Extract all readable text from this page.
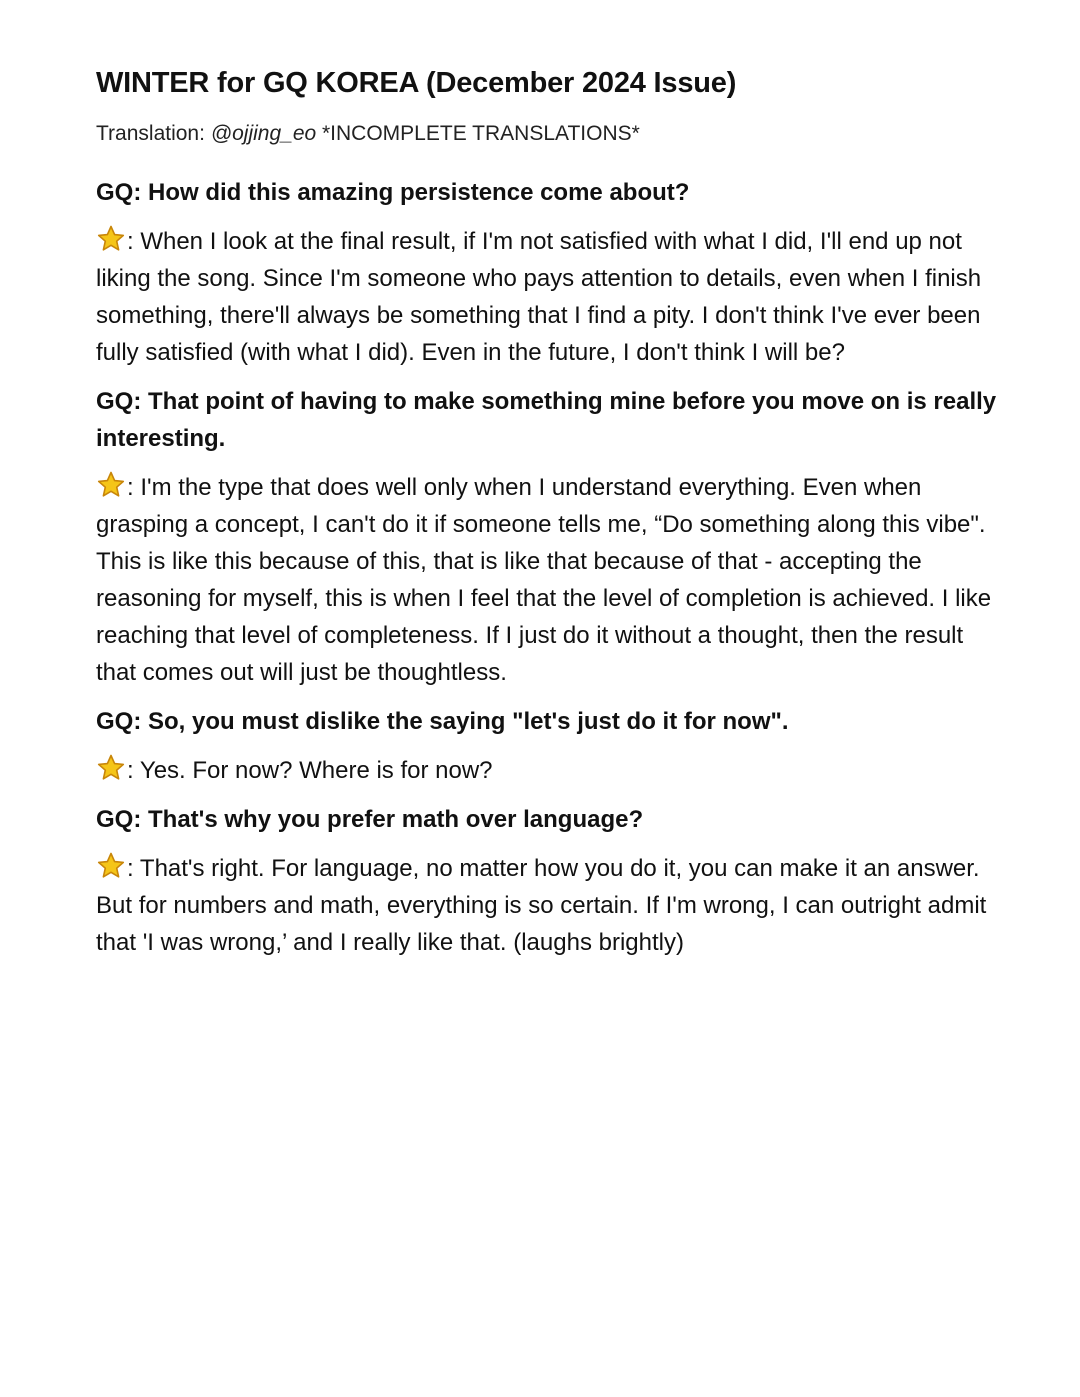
WINTER for GQ KOREA (December 2024 Issue)

Translation: @ojjing_eo *INCOMPLETE TRANSLATIONS*

GQ: How did this amazing persistence come about?

: When I look at the final result, if I'm not satisfied with what I did, I'll end up not liking the song. Since I'm someone who pays attention to details, even when I finish something, there'll always be something that I find a pity. I don't think I've ever been fully satisfied (with what I did). Even in the future, I don't think I will be?

GQ: That point of having to make something mine before you move on is really interesting.

: I'm the type that does well only when I understand everything. Even when grasping a concept, I can't do it if someone tells me, “Do something along this vibe". This is like this because of this, that is like that because of that - accepting the reasoning for myself, this is when I feel that the level of completion is achieved. I like reaching that level of completeness. If I just do it without a thought, then the result that comes out will just be thoughtless.

GQ: So, you must dislike the saying "let's just do it for now".

: Yes. For now? Where is for now?

GQ: That's why you prefer math over language?

: That's right. For language, no matter how you do it, you can make it an answer. But for numbers and math, everything is so certain. If I'm wrong, I can outright admit that 'I was wrong,’ and I really like that. (laughs brightly)
